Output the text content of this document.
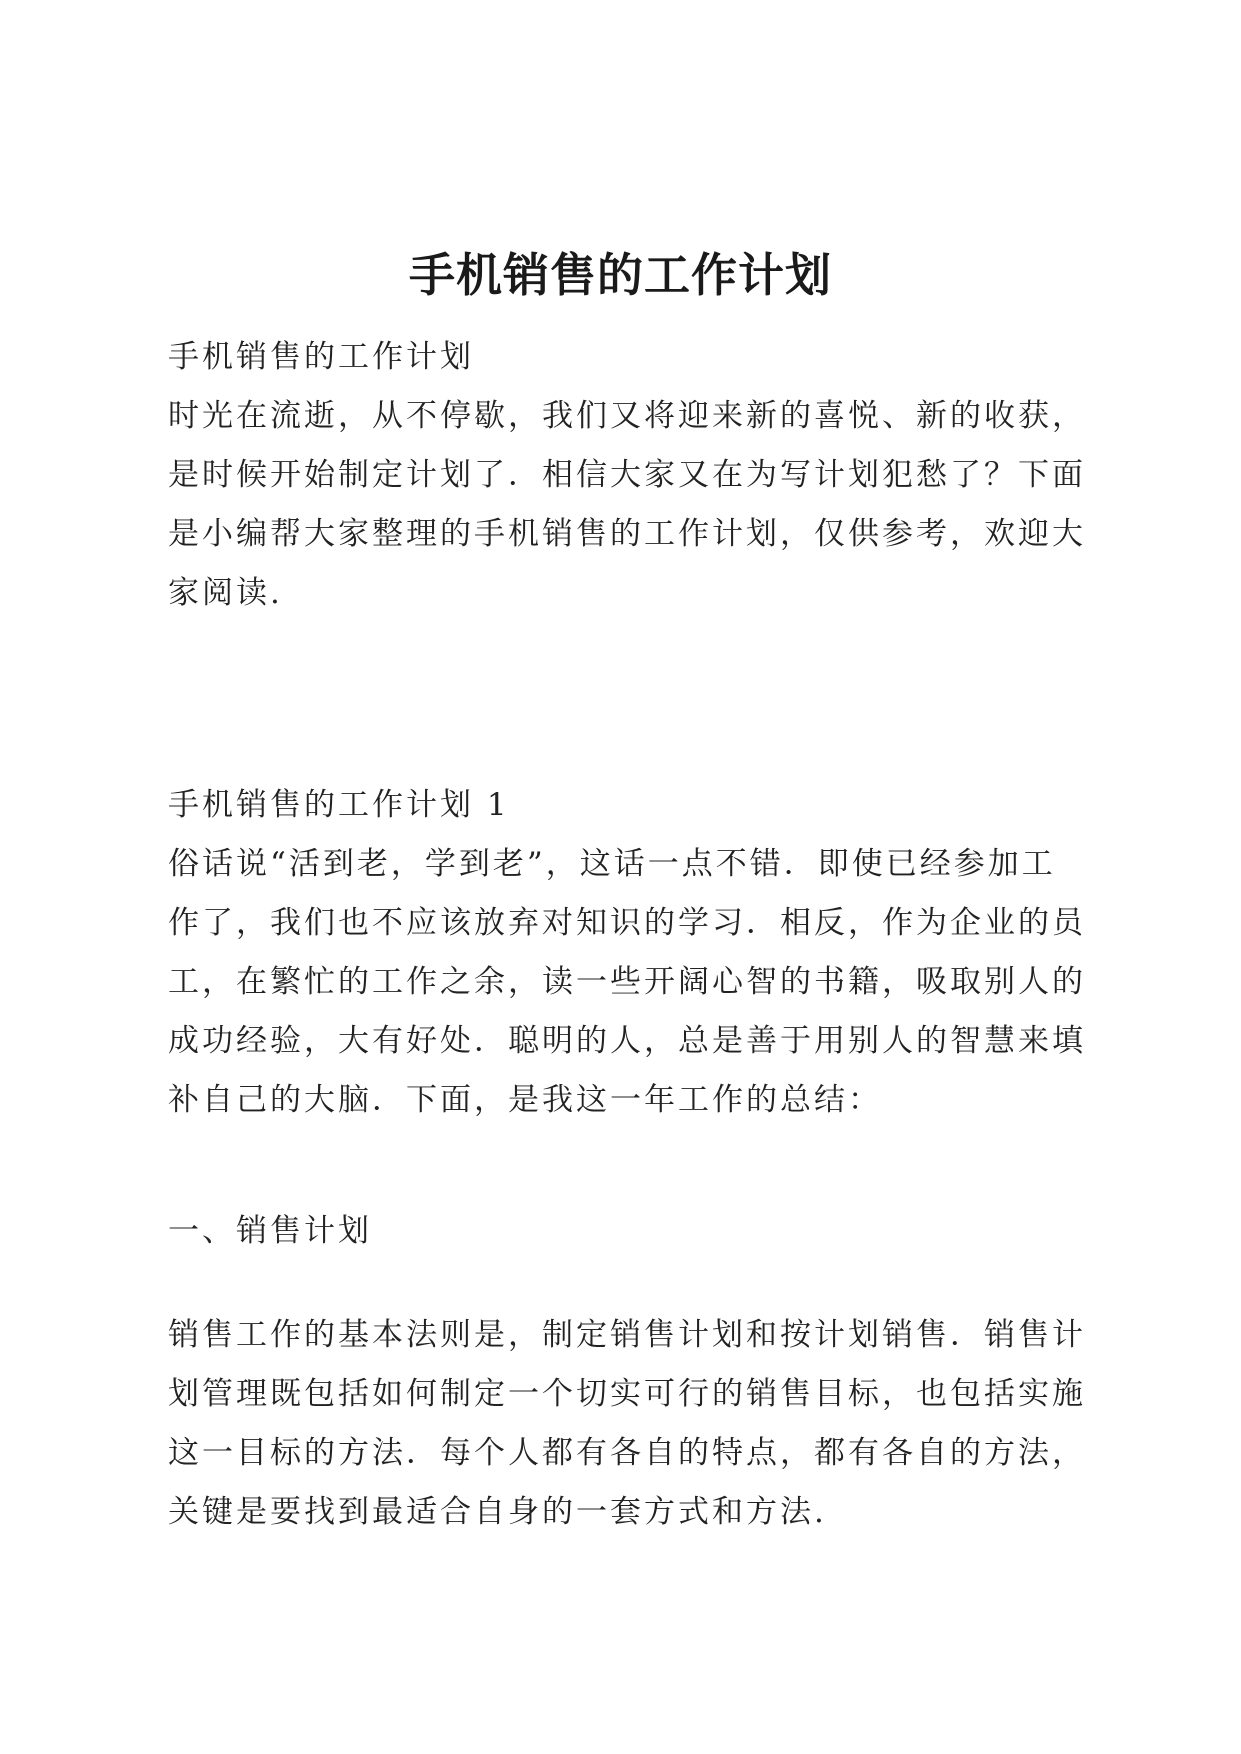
手机销售的工作计划
手机销售的工作计划
时光在流逝，从不停歇，我们又将迎来新的喜悦、新的收获，
是时候开始制定计划了．相信大家又在为写计划犯愁了？下面
是小编帮大家整理的手机销售的工作计划，仅供参考，欢迎大
家阅读.
手机销售的工作计划 1
俗话说“活到老，学到老”，这话一点不错．即使已经参加工
作了，我们也不应该放弃对知识的学习．相反，作为企业的员
工，在繁忙的工作之余，读一些开阔心智的书籍，吸取别人的
成功经验，大有好处．聪明的人，总是善于用别人的智慧来填
补自己的大脑．下面，是我这一年工作的总结：
一、销售计划
销售工作的基本法则是，制定销售计划和按计划销售．销售计
划管理既包括如何制定一个切实可行的销售目标，也包括实施
这一目标的方法．每个人都有各自的特点，都有各自的方法，
关键是要找到最适合自身的一套方式和方法.
